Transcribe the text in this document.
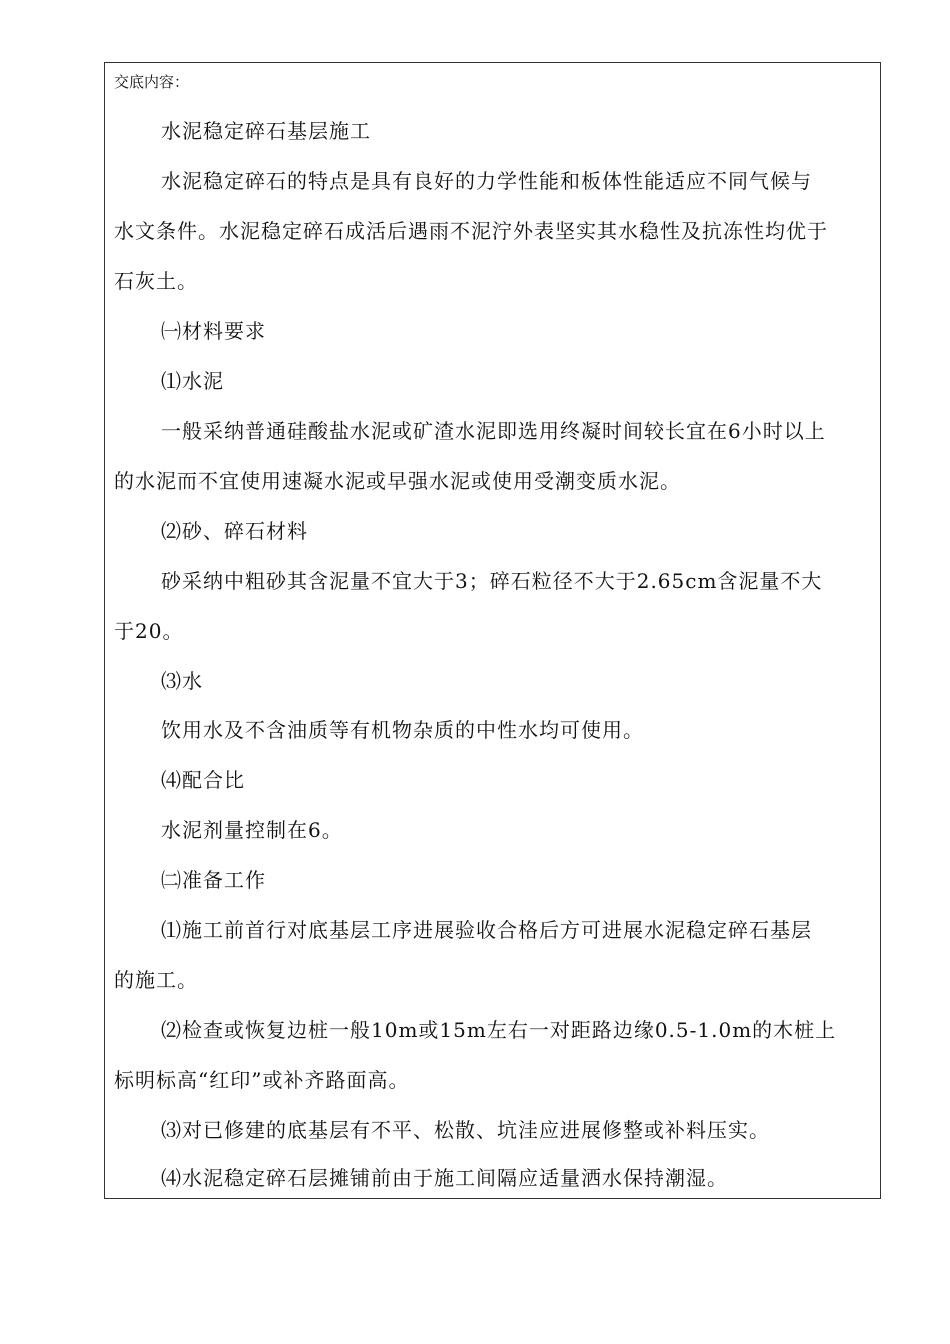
交底内容：
水泥稳定碎石基层施工
水泥稳定碎石的特点是具有良好的力学性能和板体性能适应不同气候与
水文条件。水泥稳定碎石成活后遇雨不泥泞外表坚实其水稳性及抗冻性均优于
石灰土。
㈠材料要求
⑴水泥
一般采纳普通硅酸盐水泥或矿渣水泥即选用终凝时间较长宜在6小时以上
的水泥而不宜使用速凝水泥或早强水泥或使用受潮变质水泥。
⑵砂、碎石材料
砂采纳中粗砂其含泥量不宜大于3；碎石粒径不大于2.65cm含泥量不大
于20。
⑶水
饮用水及不含油质等有机物杂质的中性水均可使用。
⑷配合比
水泥剂量控制在6。
㈡准备工作
⑴施工前首行对底基层工序进展验收合格后方可进展水泥稳定碎石基层
的施工。
⑵检查或恢复边桩一般10m或15m左右一对距路边缘0.5-1.0m的木桩上
标明标高“红印”或补齐路面高。
⑶对已修建的底基层有不平、松散、坑洼应进展修整或补料压实。
⑷水泥稳定碎石层摊铺前由于施工间隔应适量洒水保持潮湿。
